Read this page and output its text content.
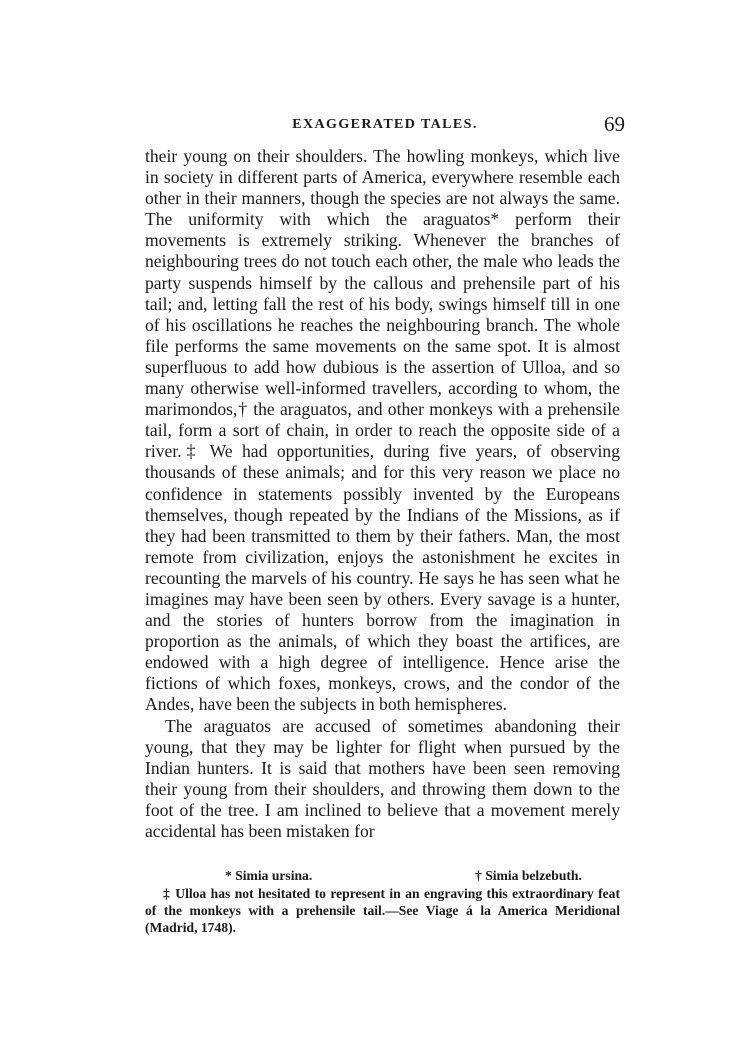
EXAGGERATED TALES.	69

their young on their shoulders. The howling monkeys, which live in society in different parts of America, everywhere resemble each other in their manners, though the species are not always the same. The uniformity with which the araguatos* perform their movements is extremely striking. Whenever the branches of neighbouring trees do not touch each other, the male who leads the party suspends himself by the callous and prehensile part of his tail; and, letting fall the rest of his body, swings himself till in one of his oscillations he reaches the neighbouring branch. The whole file performs the same movements on the same spot. It is almost superfluous to add how dubious is the assertion of Ulloa, and so many otherwise well-informed travellers, according to whom, the marimondos,† the araguatos, and other monkeys with a prehensile tail, form a sort of chain, in order to reach the opposite side of a river.‡ We had opportunities, during five years, of observing thousands of these animals; and for this very reason we place no confidence in statements possibly invented by the Europeans themselves, though repeated by the Indians of the Missions, as if they had been transmitted to them by their fathers. Man, the most remote from civilization, enjoys the astonishment he excites in recounting the marvels of his country. He says he has seen what he imagines may have been seen by others. Every savage is a hunter, and the stories of hunters borrow from the imagination in proportion as the animals, of which they boast the artifices, are endowed with a high degree of intelligence. Hence arise the fictions of which foxes, monkeys, crows, and the condor of the Andes, have been the subjects in both hemispheres.

The araguatos are accused of sometimes abandoning their young, that they may be lighter for flight when pursued by the Indian hunters. It is said that mothers have been seen removing their young from their shoulders, and throwing them down to the foot of the tree. I am inclined to believe that a movement merely accidental has been mistaken for

* Simia ursina.	† Simia belzebuth.
‡ Ulloa has not hesitated to represent in an engraving this extraordinary feat of the monkeys with a prehensile tail.—See Viage á la America Meridional (Madrid, 1748).
